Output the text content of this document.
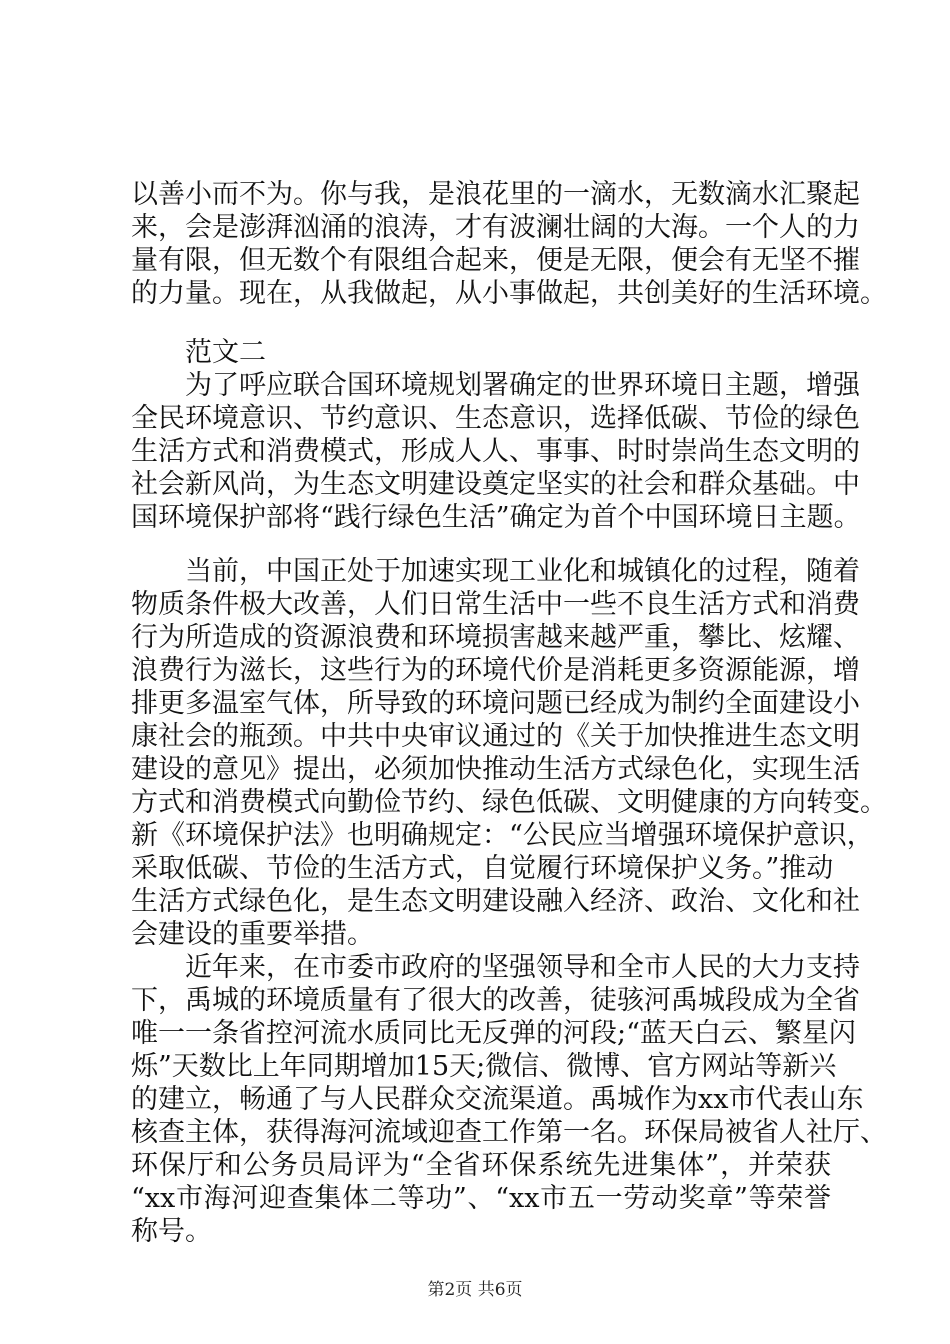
以善小而不为。你与我，是浪花里的一滴水，无数滴水汇聚起
来，会是澎湃汹涌的浪涛，才有波澜壮阔的大海。一个人的力
量有限，但无数个有限组合起来，便是无限，便会有无坚不摧
的力量。现在，从我做起，从小事做起，共创美好的生活环境。
范文二
为了呼应联合国环境规划署确定的世界环境日主题，增强
全民环境意识、节约意识、生态意识，选择低碳、节俭的绿色
生活方式和消费模式，形成人人、事事、时时崇尚生态文明的
社会新风尚，为生态文明建设奠定坚实的社会和群众基础。中
国环境保护部将“践行绿色生活”确定为首个中国环境日主题。
当前，中国正处于加速实现工业化和城镇化的过程，随着
物质条件极大改善，人们日常生活中一些不良生活方式和消费
行为所造成的资源浪费和环境损害越来越严重，攀比、炫耀、
浪费行为滋长，这些行为的环境代价是消耗更多资源能源，增
排更多温室气体，所导致的环境问题已经成为制约全面建设小
康社会的瓶颈。中共中央审议通过的《关于加快推进生态文明
建设的意见》提出，必须加快推动生活方式绿色化，实现生活
方式和消费模式向勤俭节约、绿色低碳、文明健康的方向转变。
新《环境保护法》也明确规定：“公民应当增强环境保护意识，
采取低碳、节俭的生活方式，自觉履行环境保护义务。”推动
生活方式绿色化，是生态文明建设融入经济、政治、文化和社
会建设的重要举措。
近年来，在市委市政府的坚强领导和全市人民的大力支持
下，禹城的环境质量有了很大的改善，徒骇河禹城段成为全省
唯一一条省控河流水质同比无反弹的河段;“蓝天白云、繁星闪
烁”天数比上年同期增加15天;微信、微博、官方网站等新兴
的建立，畅通了与人民群众交流渠道。禹城作为xx市代表山东
核查主体，获得海河流域迎查工作第一名。环保局被省人社厅、
环保厅和公务员局评为“全省环保系统先进集体”，并荣获
“xx市海河迎查集体二等功”、“xx市五一劳动奖章”等荣誉
称号。
第2页 共6页
